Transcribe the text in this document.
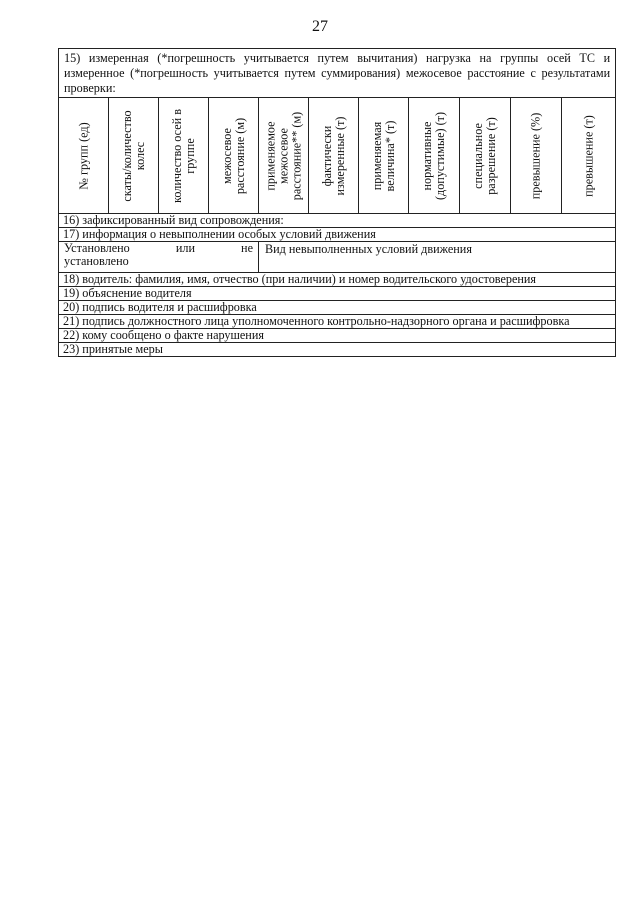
27
15) измеренная (*погрешность учитывается путем вычитания) нагрузка на группы осей ТС и измеренное (*погрешность учитывается путем суммирования) межосевое расстояние с результатами проверки:										

№ групп (ед)	скаты/количество колес	количество осей в группе	межосевое расстояние (м)	применяемое межосевое расстояние** (м)	фактически измеренные (т)	применяемая величина* (т)	нормативные (допустимые) (т)	специальное разрешение (т)	превышение (%)	превышение (т)

16) зафиксированный вид сопровождения:										
17) информация о невыполнении особых условий движения										

Установлено или не
установлено				Вид невыполненных условий движения						
18) водитель: фамилия, имя, отчество (при наличии) и номер водительского удостоверения										
19) объяснение водителя										
20) подпись водителя и расшифровка										
21) подпись должностного лица уполномоченного контрольно-надзорного органа и расшифровка										
22) кому сообщено о факте нарушения										
23) принятые меры										
